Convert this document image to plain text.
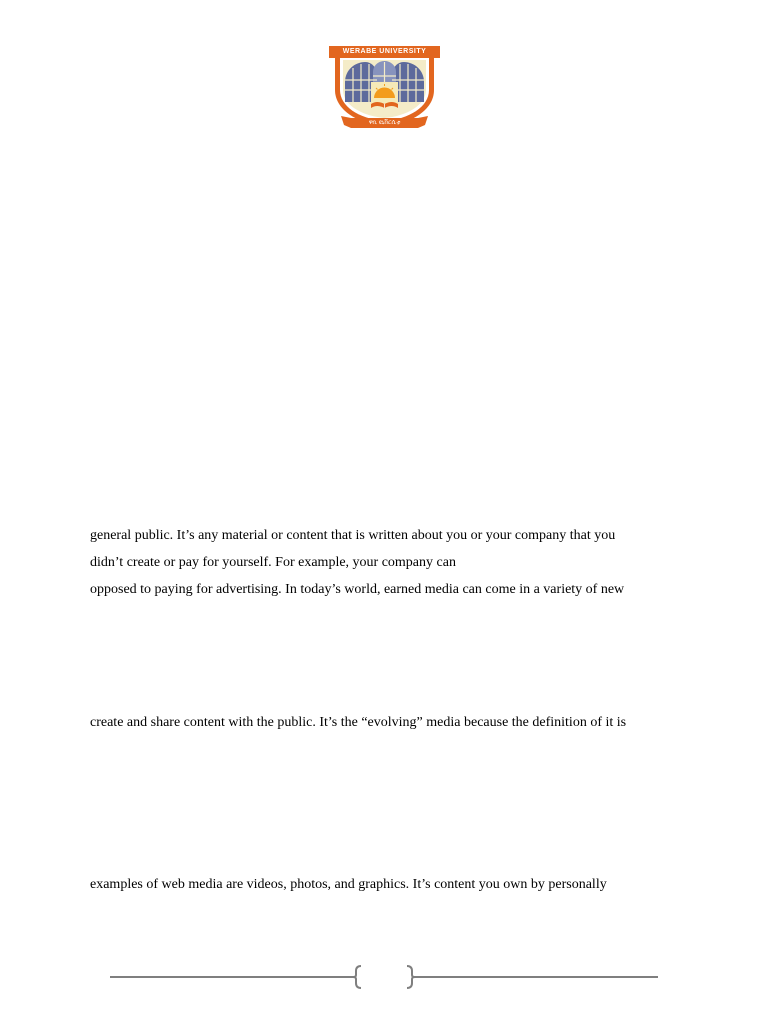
WERABE UNIVERSITY
ዋቢ ዩኒቨርሲቲ
general public. It’s any material or content that is written about you or your company that you
didn’t create or pay for yourself. For example, your company can
opposed to paying for advertising. In today’s world, earned media can come in a variety of new
create and share content with the public. It’s the “evolving” media because the definition of it is
examples of web media are videos, photos, and graphics. It’s content you own by personally
